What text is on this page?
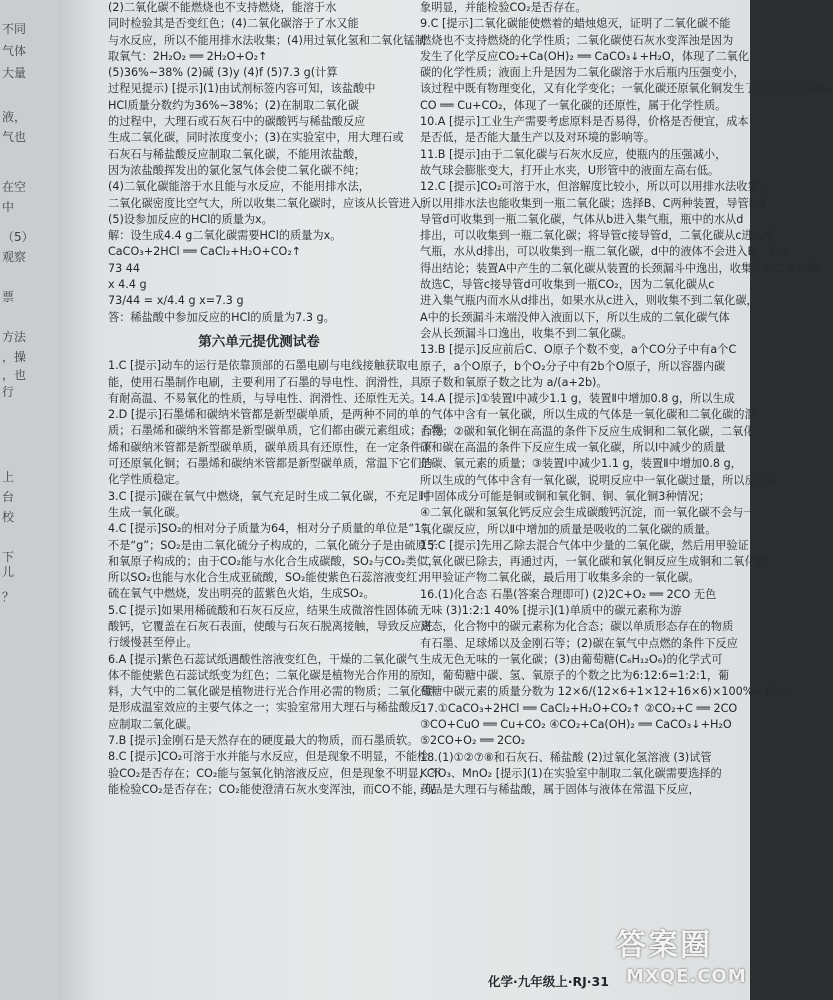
不同
气体
大量
液，
气也
在空
中
（5）
观察
票
方法
，操
，也
行
上
台
校
下
儿
？

(2)二氧化碳不能燃烧也不支持燃烧，能溶于水

同时检验其是否变红色；(4)二氧化碳溶于了水又能

与水反应，所以不能用排水法收集；(4)用过氧化氢和二氧化锰制

取氧气：2H₂O₂ ══ 2H₂O+O₂↑

(5)36%~38% (2)碱 (3)y (4)f (5)7.3 g(计算

过程见提示) [提示](1)由试剂标签内容可知，该盐酸中

HCl质量分数约为36%~38%；(2)在制取二氧化碳

的过程中，大理石或石灰石中的碳酸钙与稀盐酸反应

生成二氧化碳，同时浓度变小；(3)在实验室中，用大理石或

石灰石与稀盐酸反应制取二氧化碳，不能用浓盐酸，

因为浓盐酸挥发出的氯化氢气体会使二氧化碳不纯；

(4)二氧化碳能溶于水且能与水反应，不能用排水法，

二氧化碳密度比空气大，所以收集二氧化碳时，应该从长管进入；

(5)设参加反应的HCl的质量为x。

解：设生成4.4 g二氧化碳需要HCl的质量为x。

CaCO₃+2HCl ══ CaCl₂+H₂O+CO₂↑

73 44

x 4.4 g

73/44 = x/4.4 g x=7.3 g

答：稀盐酸中参加反应的HCl的质量为7.3 g。

第六单元提优测试卷

1.C [提示]动车的运行是依靠顶部的石墨电刷与电线接触获取电

能，使用石墨制作电刷，主要利用了石墨的导电性、润滑性，具

有耐高温、不易氧化的性质，与导电性、润滑性、还原性无关。

2.D [提示]石墨烯和碳纳米管都是新型碳单质，是两种不同的单

质；石墨烯和碳纳米管都是新型碳单质，它们都由碳元素组成；石墨

烯和碳纳米管都是新型碳单质，碳单质具有还原性，在一定条件下

可还原氧化铜；石墨烯和碳纳米管都是新型碳单质，常温下它们的

化学性质稳定。

3.C [提示]碳在氧气中燃烧，氧气充足时生成二氧化碳，不充足时

生成一氧化碳。

4.C [提示]SO₂的相对分子质量为64，相对分子质量的单位是“1”，

不是“g”；SO₂是由二氧化硫分子构成的，二氧化硫分子是由硫原子

和氧原子构成的；由于CO₂能与水化合生成碳酸，SO₂与CO₂类似，

所以SO₂也能与水化合生成亚硫酸，SO₂能使紫色石蕊溶液变红；

硫在氧气中燃烧，发出明亮的蓝紫色火焰，生成SO₂。

5.C [提示]如果用稀硫酸和石灰石反应，结果生成微溶性固体硫

酸钙，它覆盖在石灰石表面，使酸与石灰石脱离接触，导致反应进

行缓慢甚至停止。

6.A [提示]紫色石蕊试纸遇酸性溶液变红色，干燥的二氧化碳气

体不能使紫色石蕊试纸变为红色；二氧化碳是植物光合作用的原

料，大气中的二氧化碳是植物进行光合作用必需的物质；二氧化碳

是形成温室效应的主要气体之一；实验室常用大理石与稀盐酸反

应制取二氧化碳。

7.B [提示]金刚石是天然存在的硬度最大的物质，而石墨质软。

8.C [提示]CO₂可溶于水并能与水反应，但是现象不明显，不能检

验CO₂是否存在；CO₂能与氢氧化钠溶液反应，但是现象不明显，不

能检验CO₂是否存在；CO₂能使澄清石灰水变浑浊，而CO不能，现

象明显，并能检验CO₂是否存在。

9.C [提示]二氧化碳能使燃着的蜡烛熄灭，证明了二氧化碳不能

燃烧也不支持燃烧的化学性质；二氧化碳使石灰水变浑浊是因为

发生了化学反应CO₂+Ca(OH)₂ ══ CaCO₃↓+H₂O，体现了二氧化

碳的化学性质；液面上升是因为二氧化碳溶于水后瓶内压强变小，

该过程中既有物理变化，又有化学变化；一氧化碳还原氧化铜发生了化学反应CuO+

CO ══ Cu+CO₂，体现了一氧化碳的还原性，属于化学性质。

10.A [提示]工业生产需要考虑原料是否易得，价格是否便宜，成本

是否低，是否能大量生产以及对环境的影响等。

11.B [提示]由于二氧化碳与石灰水反应，使瓶内的压强减小，

故气球会膨胀变大，打开止水夹，U形管中的液面左高右低。

12.C [提示]CO₂可溶于水，但溶解度比较小，所以可以用排水法收集；

所以用排水法也能收集到一瓶二氧化碳；选择B、C两种装置，导管b接

导管d可收集到一瓶二氧化碳，气体从b进入集气瓶，瓶中的水从d

排出，可以收集到一瓶二氧化碳；将导管c接导管d，二氧化碳从c进入集

气瓶，水从d排出，可以收集到一瓶二氧化碳，d中的液体不会进入B，无法

得出结论；装置A中产生的二氧化碳从装置的长颈漏斗中逸出，收集不到二氧化碳，

故选C，导管c接导管d可收集到一瓶CO₂，因为二氧化碳从c

进入集气瓶内而水从d排出，如果水从c进入，则收集不到二氧化碳，

A中的长颈漏斗末端没伸入液面以下，所以生成的二氧化碳气体

会从长颈漏斗口逸出，收集不到二氧化碳。

13.B [提示]反应前后C、O原子个数不变，a个CO分子中有a个C

原子，a个O原子，b个O₂分子中有2b个O原子，所以容器内碳

原子数和氧原子数之比为 a/(a+2b)。

14.A [提示]①装置Ⅰ中减少1.1 g，装置Ⅱ中增加0.8 g，所以生成

的气体中含有一氧化碳，所以生成的气体是一氧化碳和二氧化碳的混

合物；②碳和氧化铜在高温的条件下反应生成铜和二氧化碳，二氧化

碳和碳在高温的条件下反应生成一氧化碳，所以Ⅰ中减少的质量

是碳、氧元素的质量；③装置Ⅰ中减少1.1 g，装置Ⅱ中增加0.8 g，

所以生成的气体中含有一氧化碳，说明反应中一氧化碳过量，所以反应后

Ⅰ中固体成分可能是铜或铜和氧化铜、铜、氧化铜3种情况；

④二氧化碳和氢氧化钙反应会生成碳酸钙沉淀，而一氧化碳不会与一

氧化碳反应，所以Ⅱ中增加的质量是吸收的二氧化碳的质量。

15.C [提示]先用乙除去混合气体中少量的二氧化碳，然后用甲验证

二氧化碳已除去，再通过丙，一氧化碳和氧化铜反应生成铜和二氧化碳，

用甲验证产物二氧化碳，最后用丁收集多余的一氧化碳。

16.(1)化合态 石墨(答案合理即可) (2)2C+O₂ ══ 2CO 无色

无味 (3)1:2:1 40% [提示](1)单质中的碳元素称为游

离态，化合物中的碳元素称为化合态；碳以单质形态存在的物质

有石墨、足球烯以及金刚石等；(2)碳在氧气中点燃的条件下反应

生成无色无味的一氧化碳；(3)由葡萄糖(C₆H₁₂O₆)的化学式可

知，葡萄糖中碳、氢、氧原子的个数之比为6:12:6=1:2:1，葡

萄糖中碳元素的质量分数为 12×6/(12×6+1×12+16×6)×100%=40%。

17.①CaCO₃+2HCl ══ CaCl₂+H₂O+CO₂↑ ②CO₂+C ══ 2CO

③CO+CuO ══ Cu+CO₂ ④CO₂+Ca(OH)₂ ══ CaCO₃↓+H₂O

⑤2CO+O₂ ══ 2CO₂

18.(1)①②⑦⑧和石灰石、稀盐酸 (2)过氧化氢溶液 (3)试管

KClO₃、MnO₂ [提示](1)在实验室中制取二氧化碳需要选择的

药品是大理石与稀盐酸，属于固体与液体在常温下反应，

化学·九年级上·RJ·31
答案圈
MXQE.COM
